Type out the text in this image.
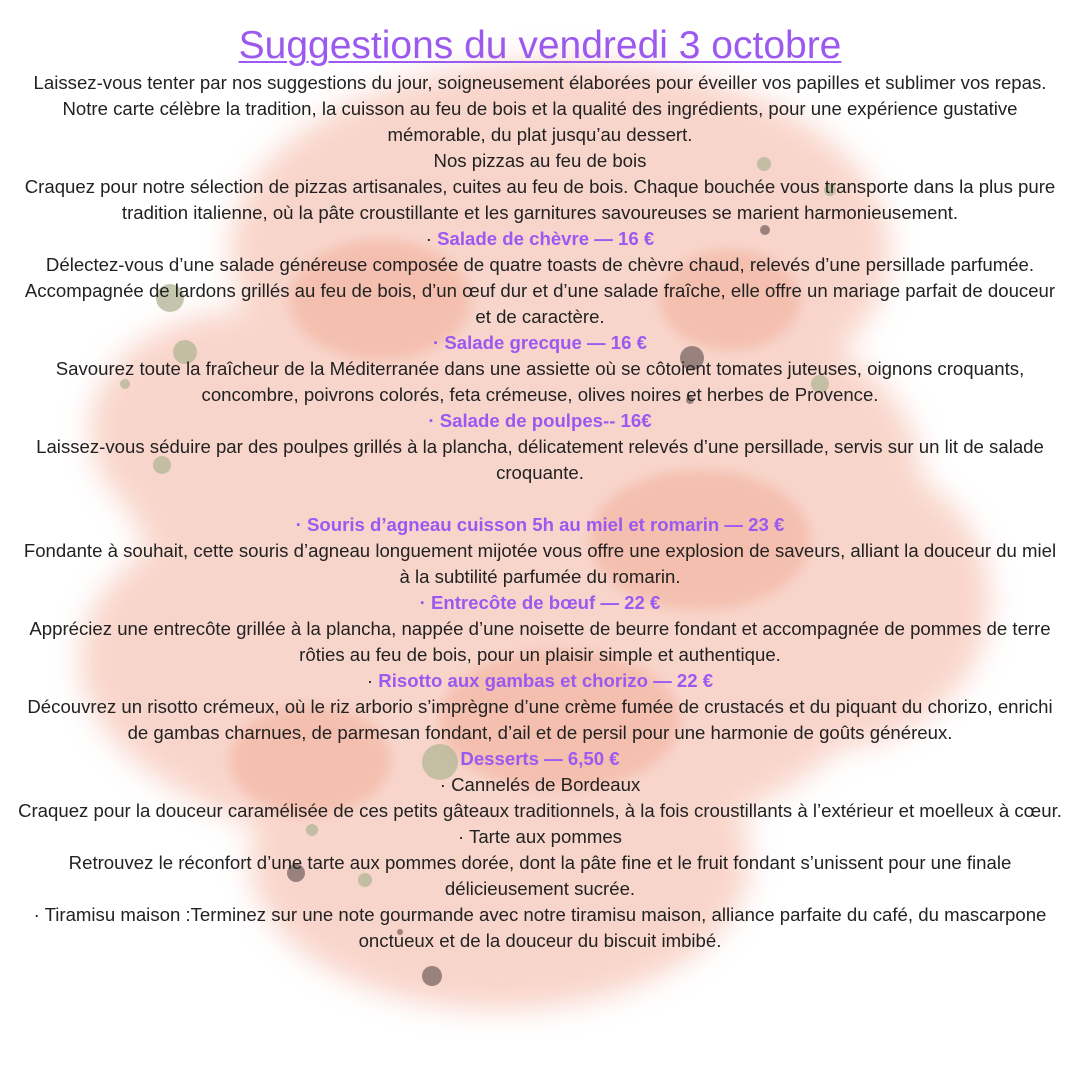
Suggestions du vendredi 3 octobre

Laissez-vous tenter par nos suggestions du jour, soigneusement élaborées pour éveiller vos papilles et sublimer vos repas. Notre carte célèbre la tradition, la cuisson au feu de bois et la qualité des ingrédients, pour une expérience gustative mémorable, du plat jusqu’au dessert.

Nos pizzas au feu de bois

Craquez pour notre sélection de pizzas artisanales, cuites au feu de bois. Chaque bouchée vous transporte dans la plus pure tradition italienne, où la pâte croustillante et les garnitures savoureuses se marient harmonieusement.

· Salade de chèvre — 16 €

Délectez-vous d’une salade généreuse composée de quatre toasts de chèvre chaud, relevés d’une persillade parfumée. Accompagnée de lardons grillés au feu de bois, d’un œuf dur et d’une salade fraîche, elle offre un mariage parfait de douceur et de caractère.

· Salade grecque — 16 €

Savourez toute la fraîcheur de la Méditerranée dans une assiette où se côtoient tomates juteuses, oignons croquants, concombre, poivrons colorés, feta crémeuse, olives noires et herbes de Provence.

· Salade de poulpes-- 16€

Laissez-vous séduire par des poulpes grillés à la plancha, délicatement relevés d’une persillade, servis sur un lit de salade croquante.

· Souris d’agneau cuisson 5h au miel et romarin — 23 €

Fondante à souhait, cette souris d’agneau longuement mijotée vous offre une explosion de saveurs, alliant la douceur du miel à la subtilité parfumée du romarin.

· Entrecôte de bœuf — 22 €

Appréciez une entrecôte grillée à la plancha, nappée d’une noisette de beurre fondant et accompagnée de pommes de terre rôties au feu de bois, pour un plaisir simple et authentique.

· Risotto aux gambas et chorizo — 22 €

Découvrez un risotto crémeux, où le riz arborio s’imprègne d’une crème fumée de crustacés et du piquant du chorizo, enrichi de gambas charnues, de parmesan fondant, d’ail et de persil pour une harmonie de goûts généreux.

Desserts — 6,50 €

· Cannelés de Bordeaux

Craquez pour la douceur caramélisée de ces petits gâteaux traditionnels, à la fois croustillants à l’extérieur et moelleux à cœur.

· Tarte aux pommes

Retrouvez le réconfort d’une tarte aux pommes dorée, dont la pâte fine et le fruit fondant s’unissent pour une finale délicieusement sucrée.

· Tiramisu maison :Terminez sur une note gourmande avec notre tiramisu maison, alliance parfaite du café, du mascarpone onctueux et de la douceur du biscuit imbibé.
